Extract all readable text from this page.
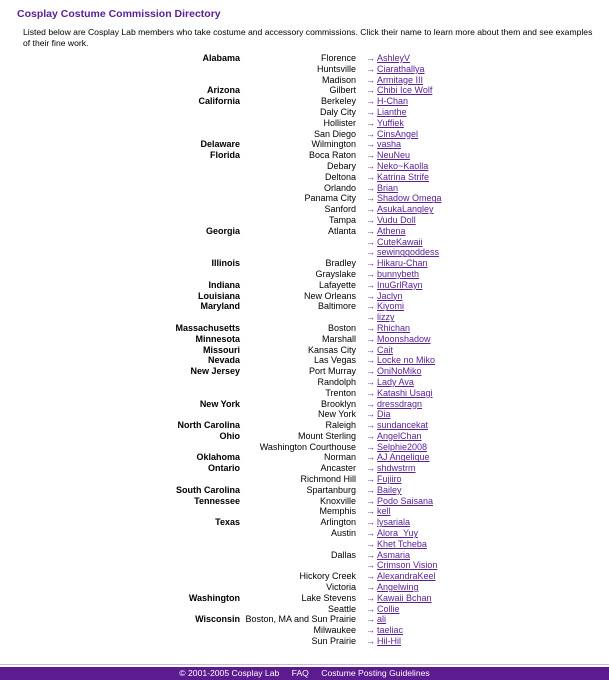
Cosplay Costume Commission Directory
Listed below are Cosplay Lab members who take costume and accessory commissions. Click their name to learn more about them and see examples of their fine work.
Alabama	Florence	→ AshleyV
	Huntsville	→ Ciarathallya
	Madison	→ Armitage III
Arizona	Gilbert	→ Chibi Ice Wolf
California	Berkeley	→ H-Chan
	Daly City	→ Lianthe
	Hollister	→ Yuffiek
	San Diego	→ CinsAngel
Delaware	Wilmington	→ vasha
Florida	Boca Raton	→ NeuNeu
	Debary	→ Neko~Kaolla
	Deltona	→ Katrina Strife
	Orlando	→ Brian
	Panama City	→ Shadow Omega
	Sanford	→ AsukaLangley
	Tampa	→ Vudu Doll
Georgia	Atlanta	→ Athena
		→ CuteKawaii
		→ sewinggoddess
Illinois	Bradley	→ Hikaru-Chan
	Grayslake	→ bunnybeth
Indiana	Lafayette	→ InuGrlRayn
Louisiana	New Orleans	→ Jaclyn
Maryland	Baltimore	→ Kiyomi
		→ lizzy
Massachusetts	Boston	→ Rhichan
Minnesota	Marshall	→ Moonshadow
Missouri	Kansas City	→ Cait
Nevada	Las Vegas	→ Locke no Miko
New Jersey	Port Murray	→ OniNoMiko
	Randolph	→ Lady Ava
	Trenton	→ Katashi Usagi
New York	Brooklyn	→ dressdragn
	New York	→ Dia
North Carolina	Raleigh	→ sundancekat
Ohio	Mount Sterling	→ AngelChan
	Washington Courthouse	→ Selphie2008
Oklahoma	Norman	→ AJ Angelique
Ontario	Ancaster	→ shdwstrm
	Richmond Hill	→ Fujiiro
South Carolina	Spartanburg	→ Bailey
Tennessee	Knoxville	→ Podo Saisana
	Memphis	→ kell
Texas	Arlington	→ lysariala
	Austin	→ Alora_Yuy
		→ Khet Tcheba
	Dallas	→ Asmaria
		→ Crimson Vision
	Hickory Creek	→ AlexandraKeel
	Victoria	→ Angelwing
Washington	Lake Stevens	→ Kawaii Bchan
	Seattle	→ Collie
Wisconsin	Boston, MA and Sun Prairie	→ ali
	Milwaukee	→ taeliac
	Sun Prairie	→ Hil-Hil
© 2001-2005 Cosplay Lab FAQ Costume Posting Guidelines
